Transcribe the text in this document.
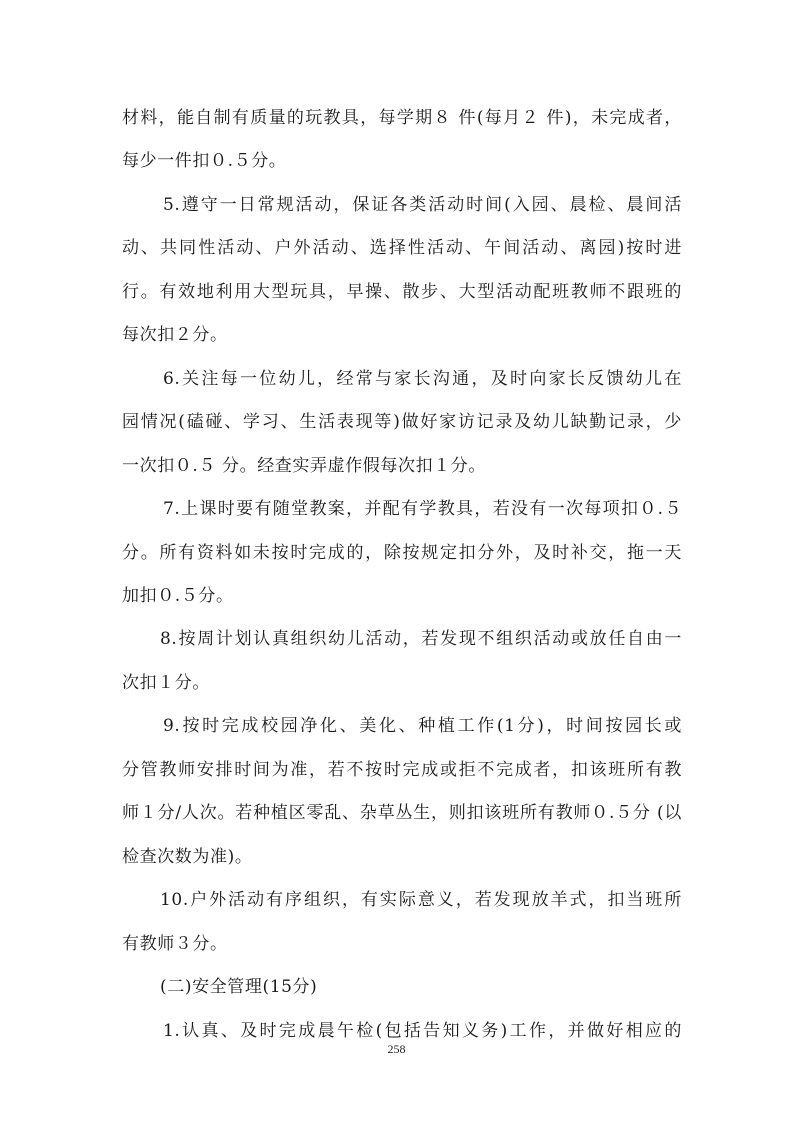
材料，能自制有质量的玩教具，每学期８ 件(每月２ 件)，未完成者，
每少一件扣０.５分。
5.遵守一日常规活动，保证各类活动时间(入园、晨检、晨间活
动、共同性活动、户外活动、选择性活动、午间活动、离园)按时进
行。有效地利用大型玩具，早操、散步、大型活动配班教师不跟班的
每次扣２分。
6.关注每一位幼儿，经常与家长沟通，及时向家长反馈幼儿在
园情况(磕碰、学习、生活表现等)做好家访记录及幼儿缺勤记录，少
一次扣０.５ 分。经查实弄虚作假每次扣１分。
7.上课时要有随堂教案，并配有学教具，若没有一次每项扣０.５
分。所有资料如未按时完成的，除按规定扣分外，及时补交，拖一天
加扣０.５分。
8.按周计划认真组织幼儿活动，若发现不组织活动或放任自由一
次扣１分。
9.按时完成校园净化、美化、种植工作(1分)，时间按园长或
分管教师安排时间为准，若不按时完成或拒不完成者，扣该班所有教
师１分/人次。若种植区零乱、杂草丛生，则扣该班所有教师０.５分 (以
检查次数为准)。
10.户外活动有序组织，有实际意义，若发现放羊式，扣当班所
有教师３分。
(二)安全管理(15分)
1.认真、及时完成晨午检(包括告知义务)工作，并做好相应的
258
